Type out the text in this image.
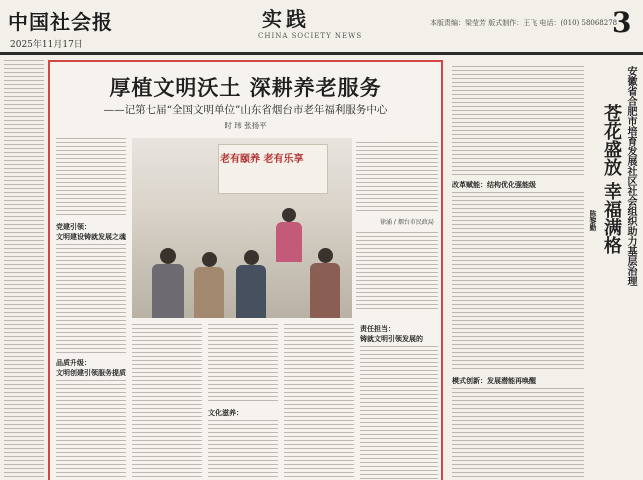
中国社会报
2025年11月17日
实践
CHINA SOCIETY NEWS
本版责编：梁莹芳 版式制作：王飞 电话：(010) 58068278
3
厚植文明沃土 深耕养老服务
——记第七届“全国文明单位”山东省烟台市老年福利服务中心
时 玮 张扬平
党建引领：
文明建设铸就发展之魂
品质升级：
文明创建引领服务提质
老有颐养 老有乐享
徐涌 / 烟台市民政局
文化滋养：
责任担当：
铸就文明引领发展的
改革赋能：结构优化强能级
模式创新：发展潜能再唤醒
苍花盛放 幸福满格 安徽省合肥市培育发展社区社会组织助力基层治理
陈黎勤
